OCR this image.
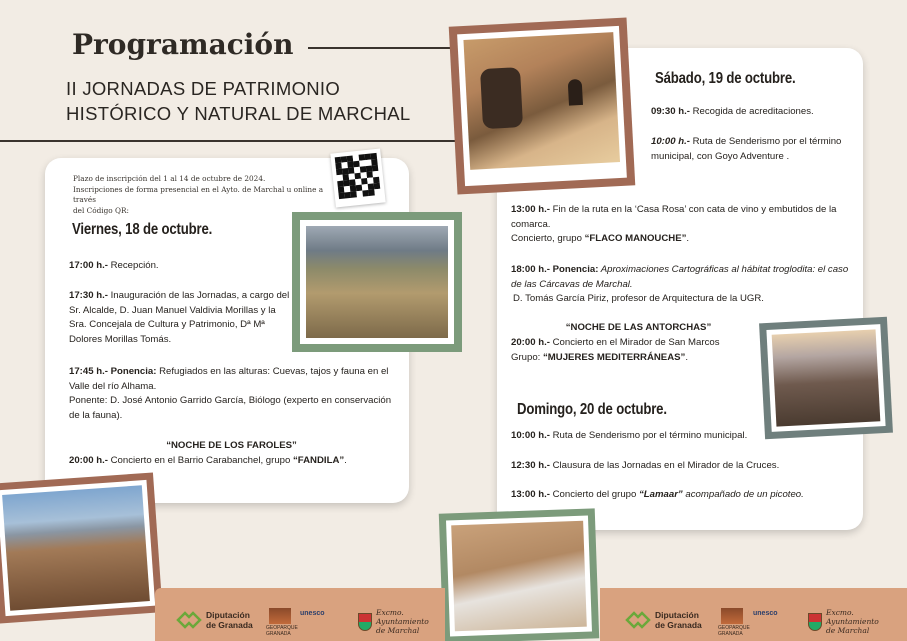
Programación
II JORNADAS DE PATRIMONIO
HISTÓRICO Y NATURAL DE MARCHAL
Plazo de inscripción del 1 al 14 de octubre de 2024.
Inscripciones de forma presencial en el Ayto. de Marchal u online a través
del Código QR:
Viernes, 18 de octubre.
17:00 h.- Recepción.
17:30 h.- Inauguración de las Jornadas, a cargo del Sr. Alcalde, D. Juan Manuel Valdivia Morillas y la Sra. Concejala de Cultura y Patrimonio, Dª Mª Dolores Morillas Tomás.
17:45 h.- Ponencia: Refugiados en las alturas: Cuevas, tajos y fauna en el Valle del río Alhama.
Ponente: D. José Antonio Garrido García, Biólogo (experto en conservación de la fauna).
“NOCHE DE LOS FAROLES”
20:00 h.- Concierto en el Barrio Carabanchel, grupo “FANDILA”.
Sábado, 19 de octubre.
09:30 h.- Recogida de acreditaciones.
10:00 h.- Ruta de Senderismo por el término municipal, con Goyo Adventure .
13:00 h.- Fin de la ruta en la ‘Casa Rosa’ con cata de vino y embutidos de la comarca.
Concierto, grupo “FLACO MANOUCHE”.
18:00 h.- Ponencia: Aproximaciones Cartográficas al hábitat troglodita: el caso de las Cárcavas de Marchal.
D. Tomás García Piriz, profesor de Arquitectura de la UGR.
“NOCHE DE LAS ANTORCHAS”
20:00 h.- Concierto en el Mirador de San Marcos
Grupo: “MUJERES MEDITERRÁNEAS”.
Domingo, 20 de octubre.
10:00 h.- Ruta de Senderismo por el término municipal.
12:30 h.- Clausura de las Jornadas en el Mirador de la Cruces.
13:00 h.- Concierto del grupo “Lamaar” acompañado de un picoteo.
Diputación de Granada	GEOPARQUE GRANADA
unesco	Excmo. Ayuntamiento de Marchal
Diputación de Granada	GEOPARQUE GRANADA
unesco	Excmo. Ayuntamiento de Marchal
